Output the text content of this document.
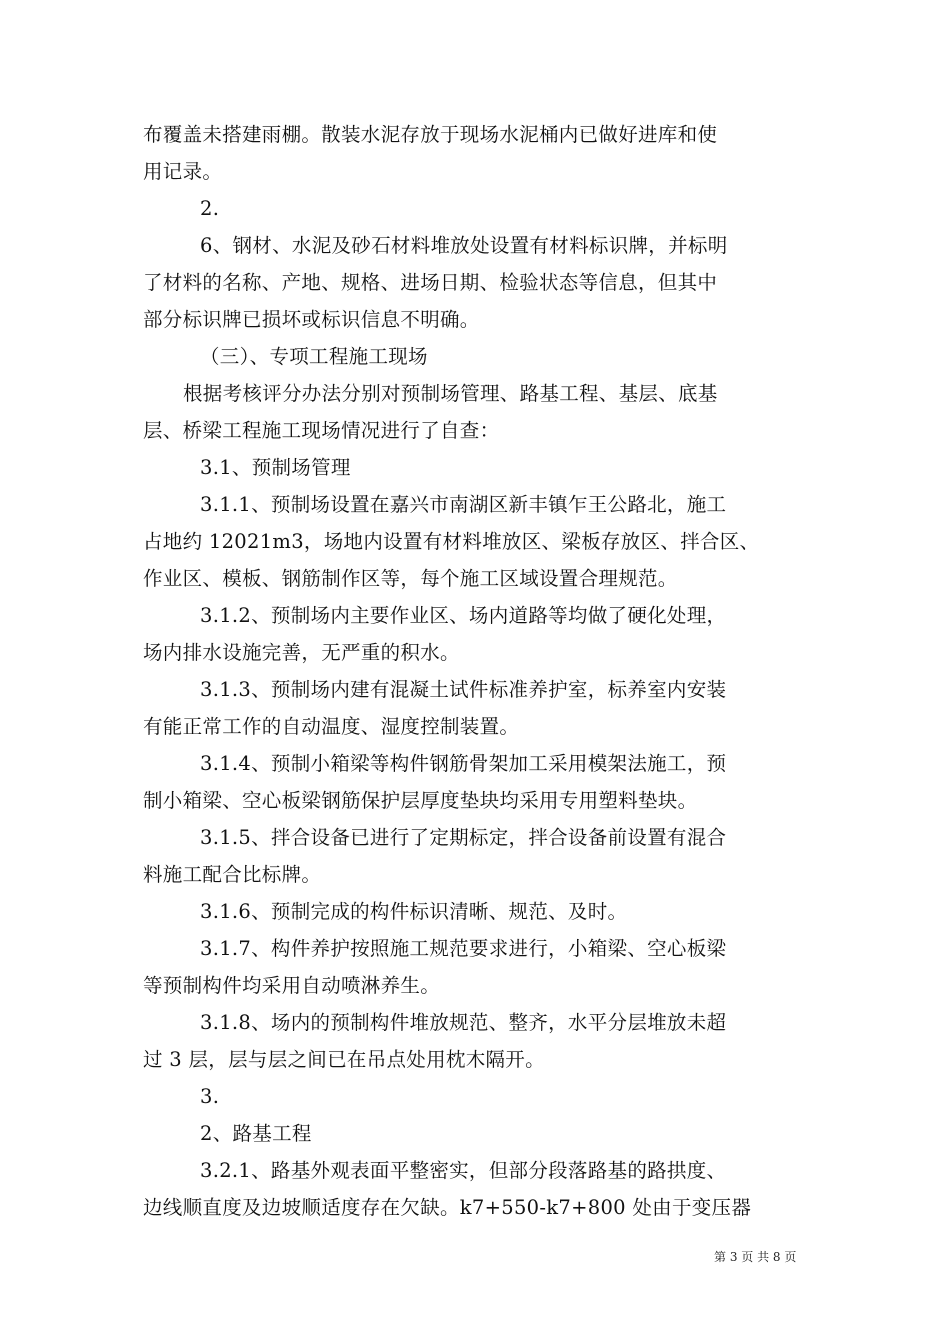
布覆盖未搭建雨棚。散装水泥存放于现场水泥桶内已做好进库和使
用记录。
2.
6、钢材、水泥及砂石材料堆放处设置有材料标识牌，并标明
了材料的名称、产地、规格、进场日期、检验状态等信息，但其中
部分标识牌已损坏或标识信息不明确。
（三）、专项工程施工现场
根据考核评分办法分别对预制场管理、路基工程、基层、底基
层、桥梁工程施工现场情况进行了自查：
3.1、预制场管理
3.1.1、预制场设置在嘉兴市南湖区新丰镇乍王公路北，施工
占地约 12021m3，场地内设置有材料堆放区、梁板存放区、拌合区、
作业区、模板、钢筋制作区等，每个施工区域设置合理规范。
3.1.2、预制场内主要作业区、场内道路等均做了硬化处理，
场内排水设施完善，无严重的积水。
3.1.3、预制场内建有混凝土试件标准养护室，标养室内安装
有能正常工作的自动温度、湿度控制装置。
3.1.4、预制小箱梁等构件钢筋骨架加工采用模架法施工，预
制小箱梁、空心板梁钢筋保护层厚度垫块均采用专用塑料垫块。
3.1.5、拌合设备已进行了定期标定，拌合设备前设置有混合
料施工配合比标牌。
3.1.6、预制完成的构件标识清晰、规范、及时。
3.1.7、构件养护按照施工规范要求进行，小箱梁、空心板梁
等预制构件均采用自动喷淋养生。
3.1.8、场内的预制构件堆放规范、整齐，水平分层堆放未超
过 3 层，层与层之间已在吊点处用枕木隔开。
3.
2、路基工程
3.2.1、路基外观表面平整密实，但部分段落路基的路拱度、
边线顺直度及边坡顺适度存在欠缺。k7+550-k7+800 处由于变压器
第 3 页 共 8 页
